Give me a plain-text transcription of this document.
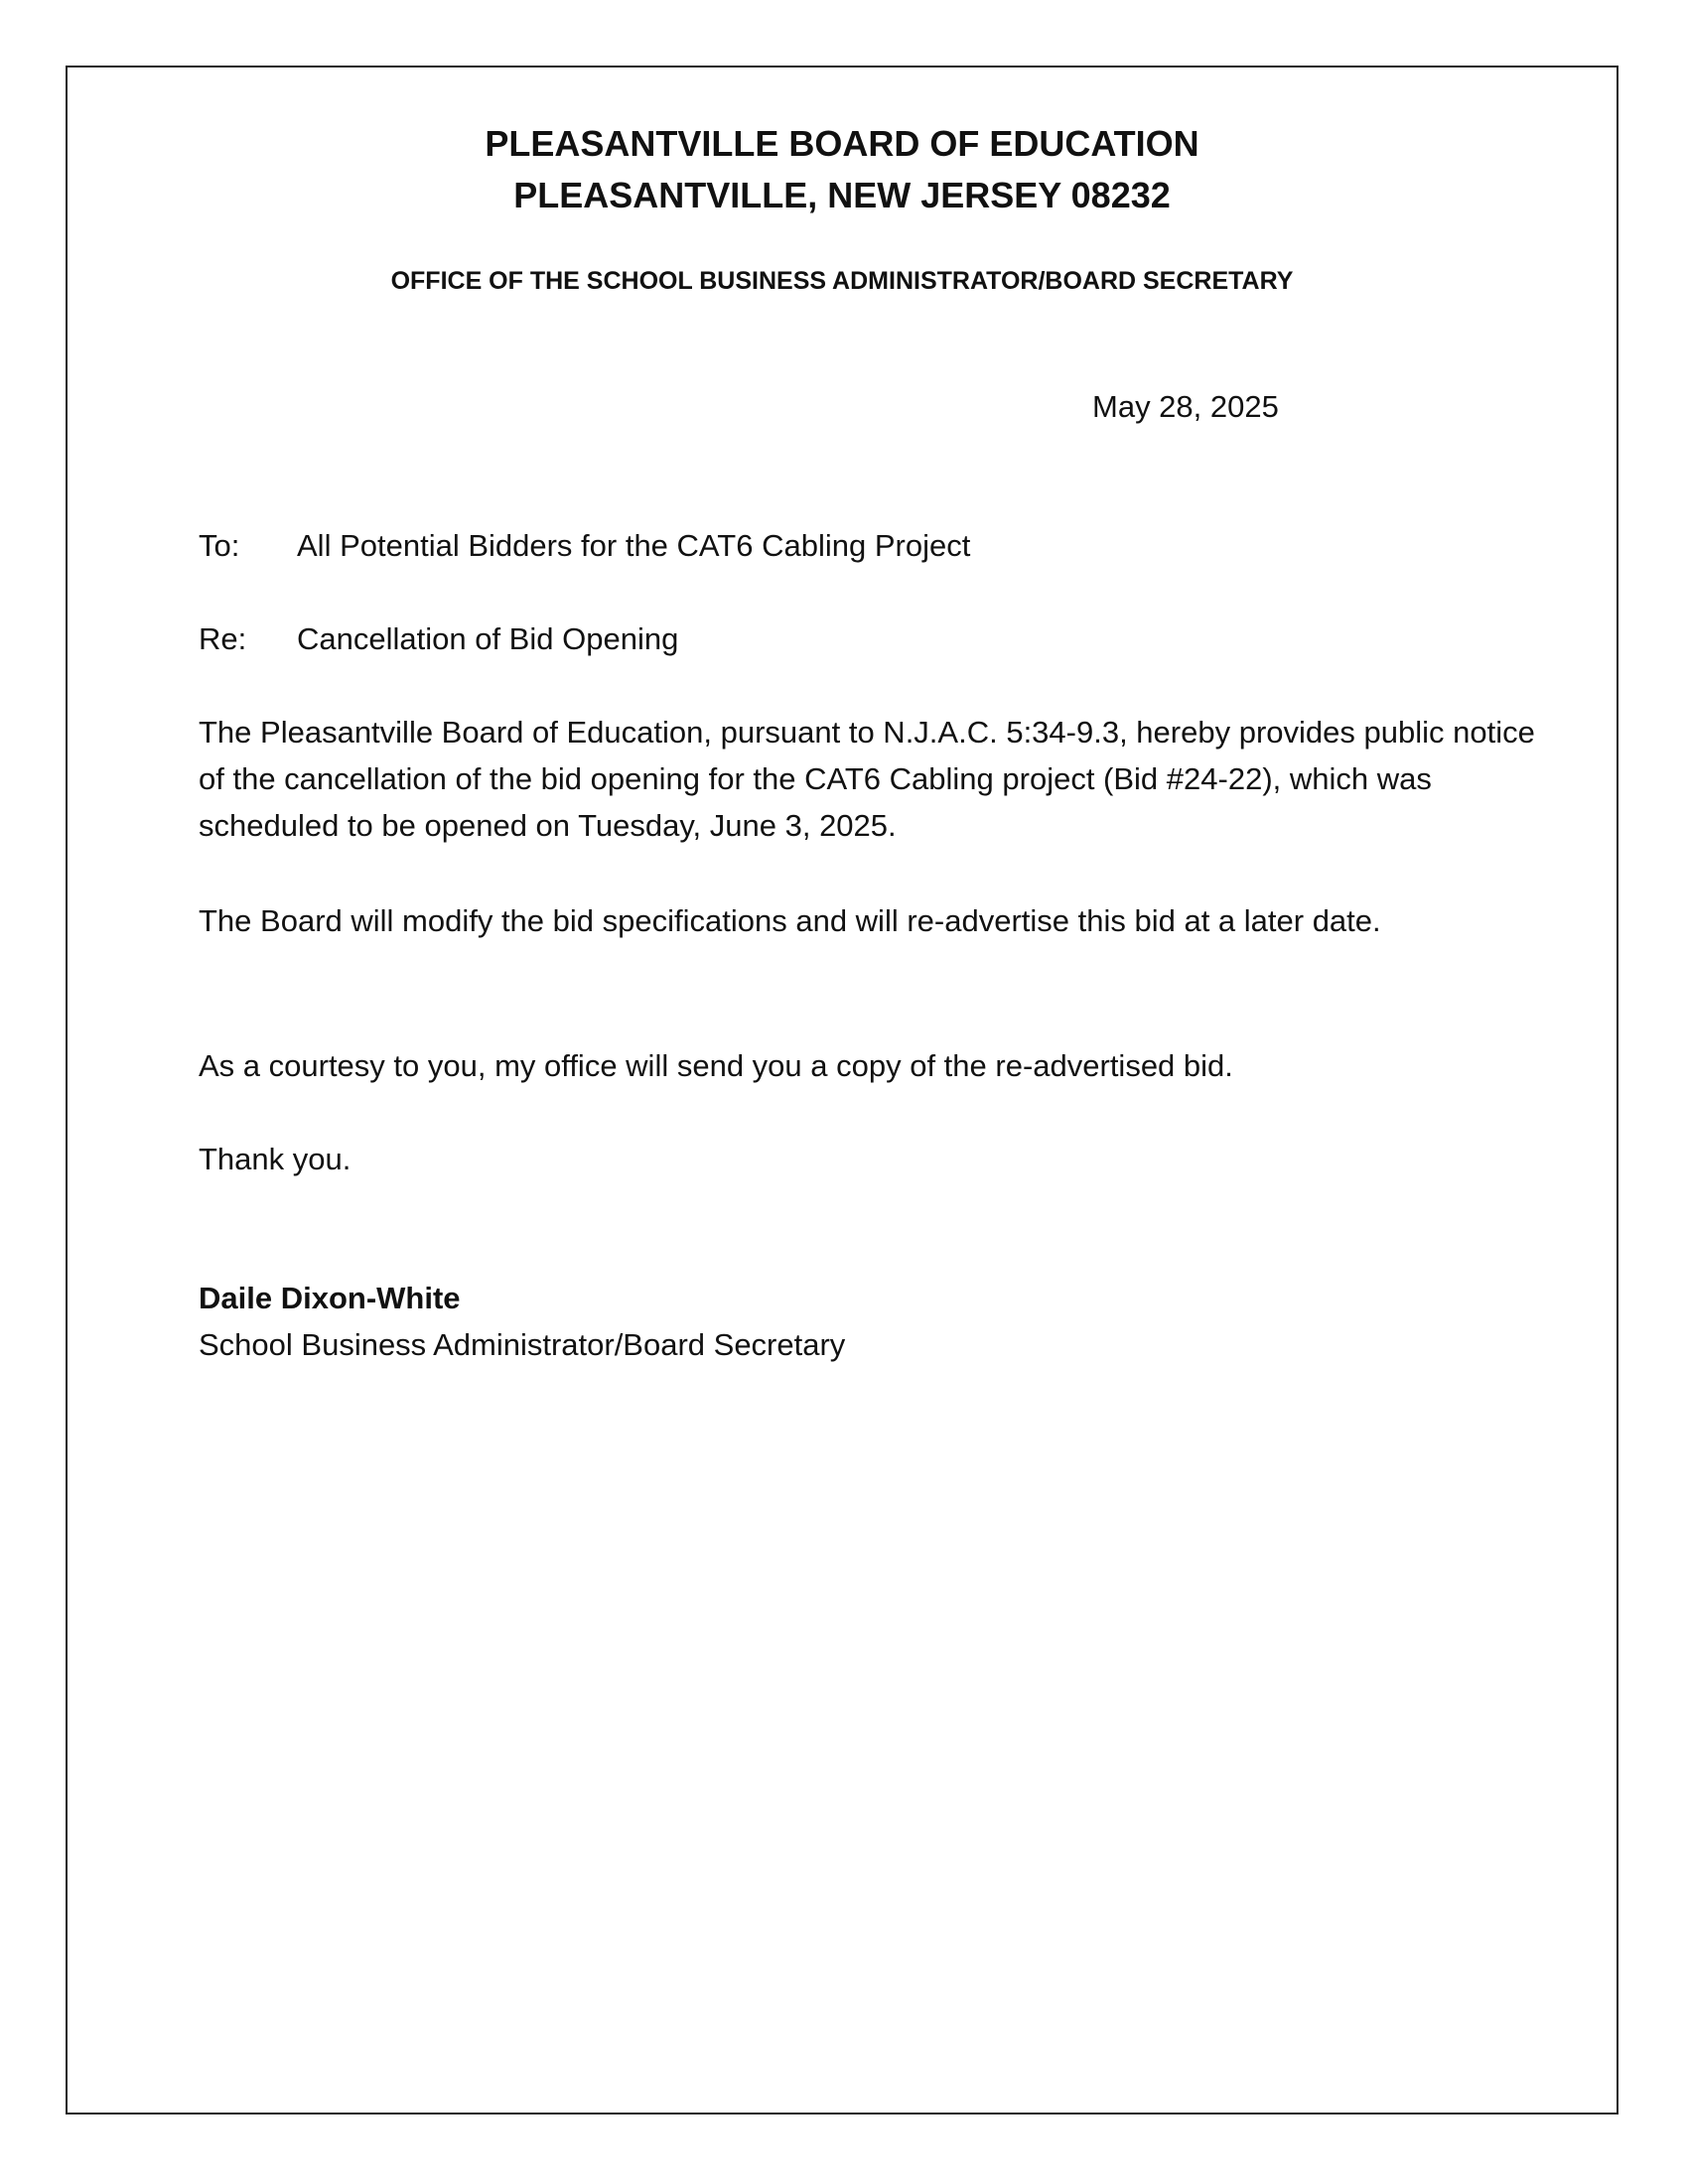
PLEASANTVILLE BOARD OF EDUCATION
PLEASANTVILLE, NEW JERSEY 08232
OFFICE OF THE SCHOOL BUSINESS ADMINISTRATOR/BOARD SECRETARY
May 28, 2025
To:	All Potential Bidders for the CAT6 Cabling Project
Re:	Cancellation of Bid Opening
The Pleasantville Board of Education, pursuant to N.J.A.C. 5:34-9.3, hereby provides public notice of the cancellation of the bid opening for the CAT6 Cabling project (Bid #24-22), which was scheduled to be opened on Tuesday, June 3, 2025.
The Board will modify the bid specifications and will re-advertise this bid at a later date.
As a courtesy to you, my office will send you a copy of the re-advertised bid.
Thank you.
Daile Dixon-White
School Business Administrator/Board Secretary
